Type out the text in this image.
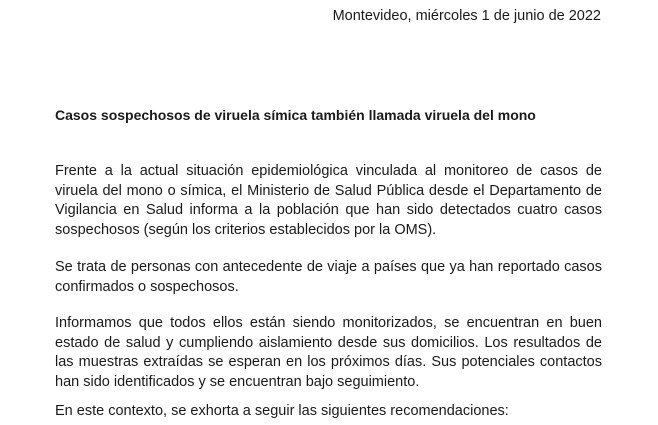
Montevideo, miércoles 1 de junio de 2022
Casos sospechosos de viruela símica también llamada viruela del mono
Frente a la actual situación epidemiológica vinculada al monitoreo de casos de viruela del mono o símica, el Ministerio de Salud Pública desde el Departamento de Vigilancia en Salud informa a la población que han sido detectados cuatro casos sospechosos (según los criterios establecidos por la OMS).
Se trata de personas con antecedente de viaje a países que ya han reportado casos confirmados o sospechosos.
Informamos que todos ellos están siendo monitorizados, se encuentran en buen estado de salud y cumpliendo aislamiento desde sus domicilios. Los resultados de las muestras extraídas se esperan en los próximos días. Sus potenciales contactos han sido identificados y se encuentran bajo seguimiento.
En este contexto, se exhorta a seguir las siguientes recomendaciones:
